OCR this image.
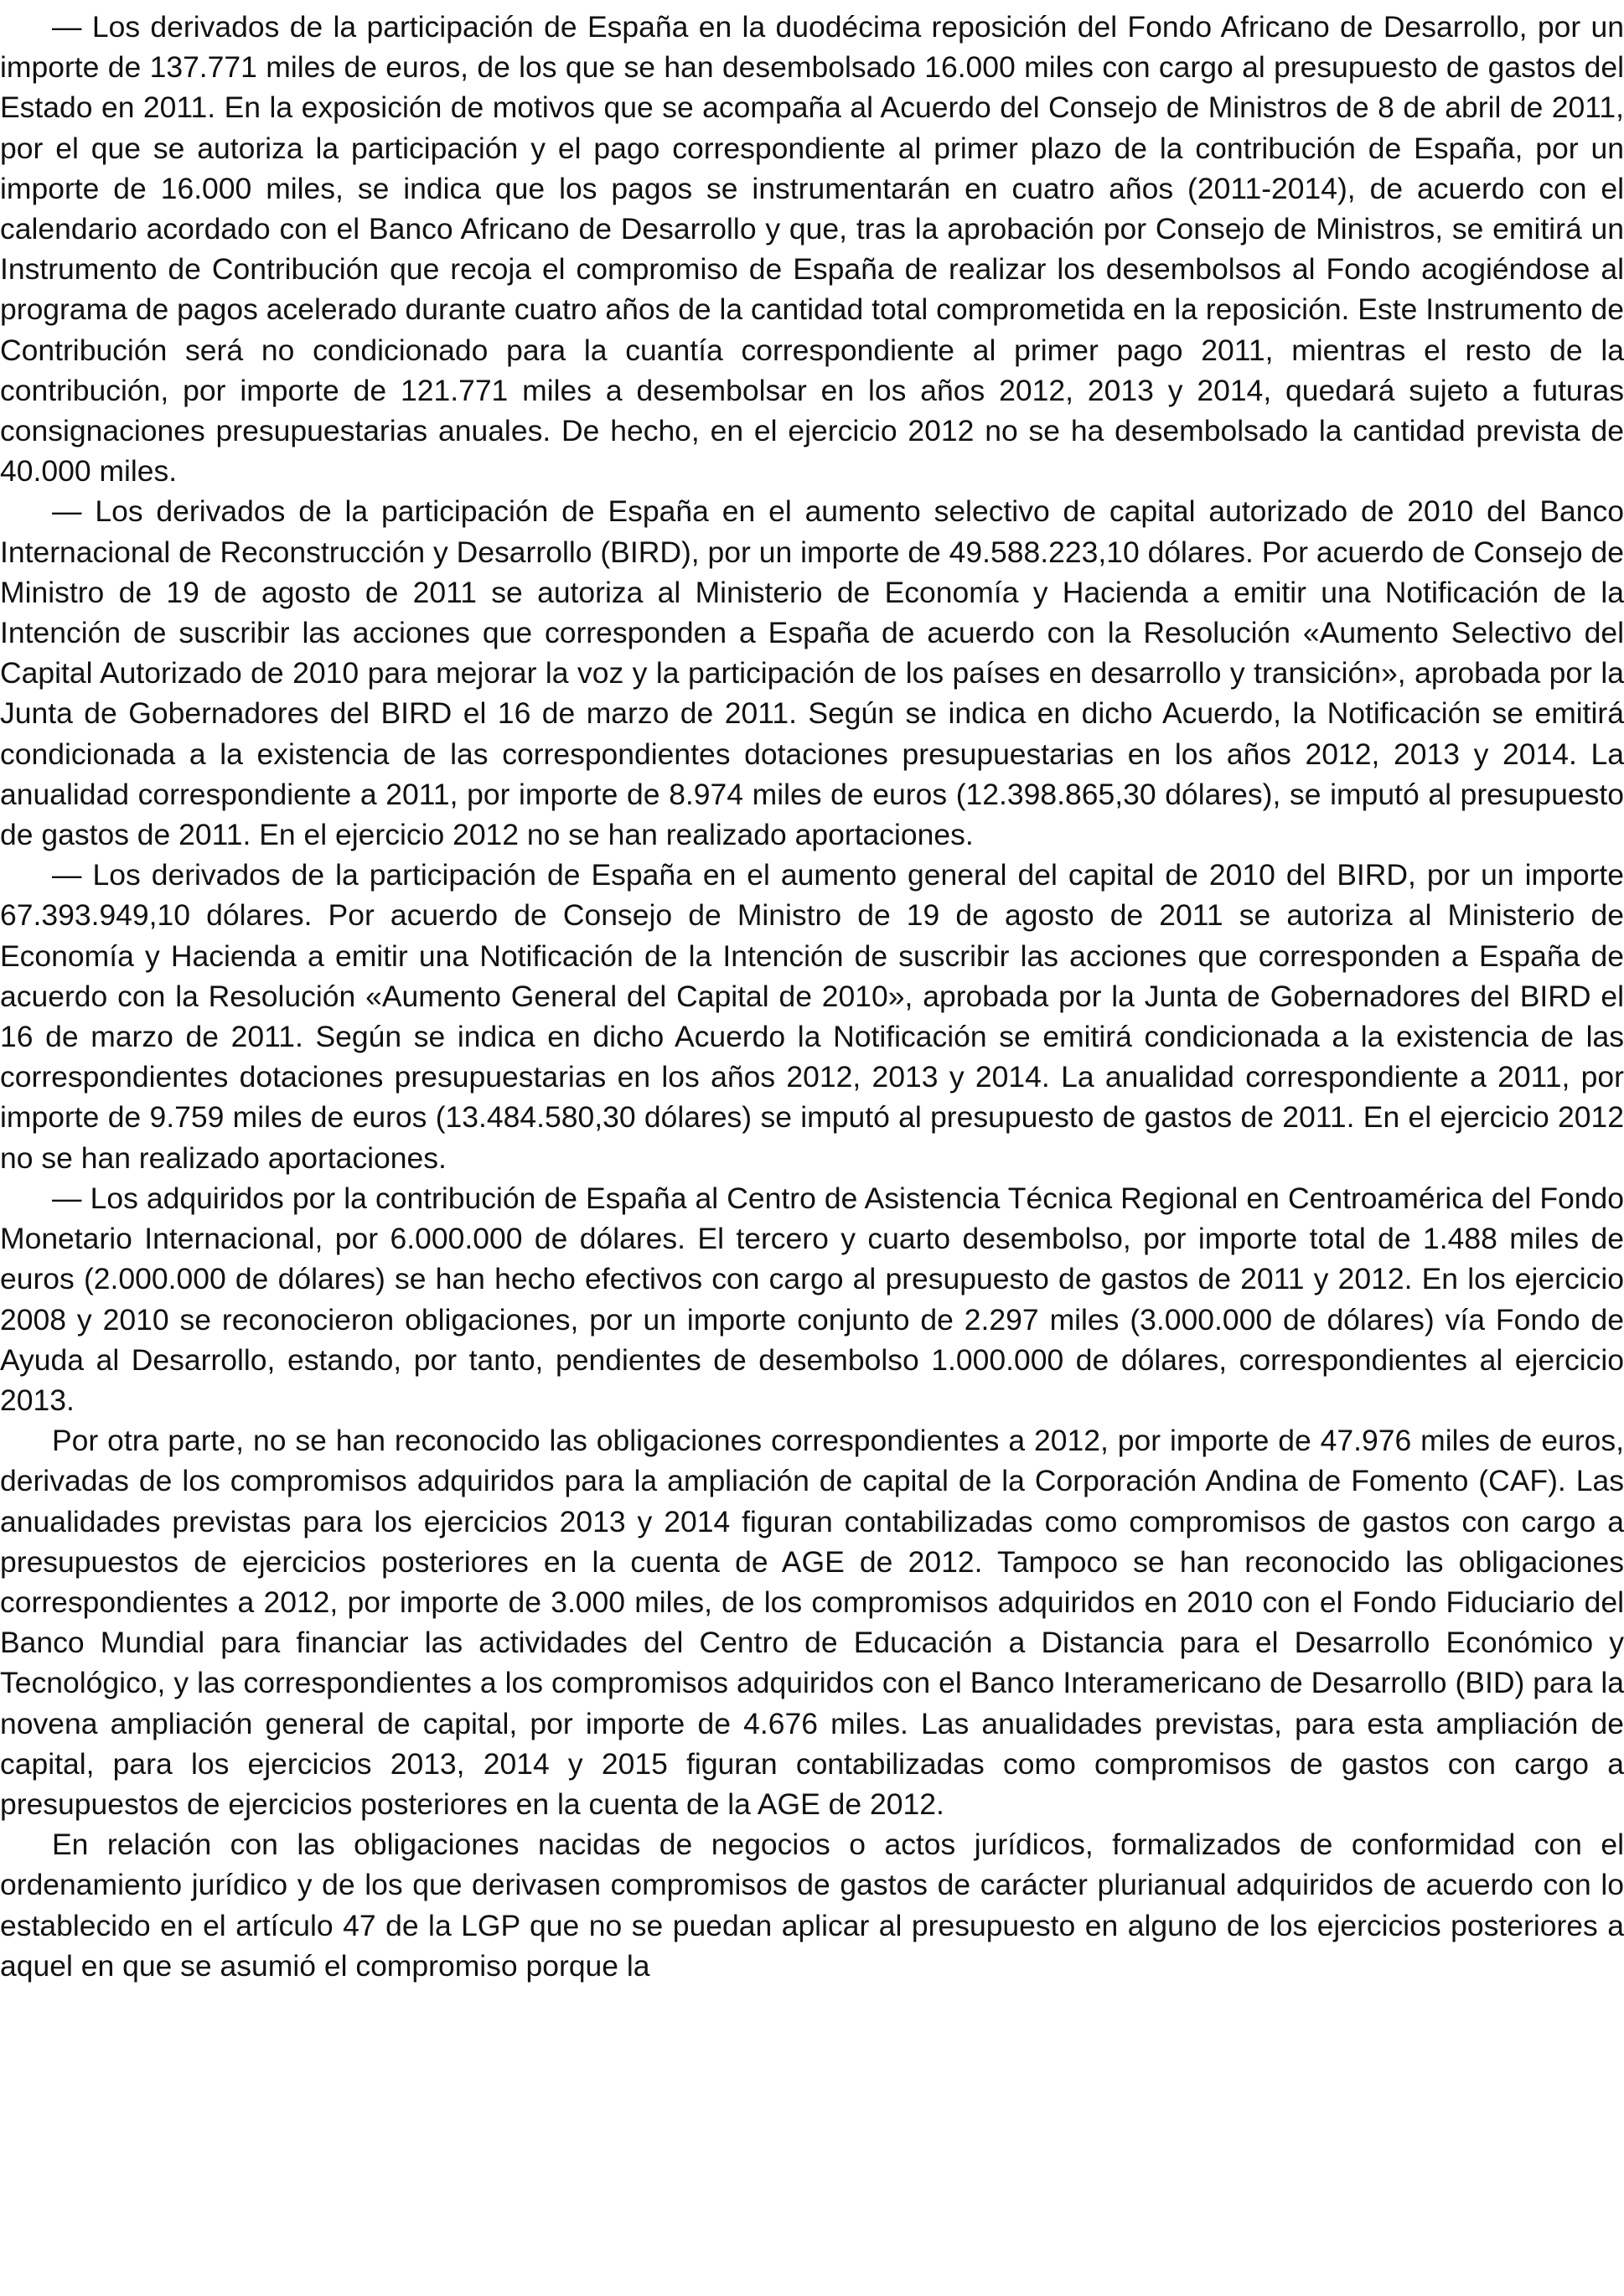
— Los derivados de la participación de España en la duodécima reposición del Fondo Africano de Desarrollo, por un importe de 137.771 miles de euros, de los que se han desembolsado 16.000 miles con cargo al presupuesto de gastos del Estado en 2011. En la exposición de motivos que se acompaña al Acuerdo del Consejo de Ministros de 8 de abril de 2011, por el que se autoriza la participación y el pago correspondiente al primer plazo de la contribución de España, por un importe de 16.000 miles, se indica que los pagos se instrumentarán en cuatro años (2011-2014), de acuerdo con el calendario acordado con el Banco Africano de Desarrollo y que, tras la aprobación por Consejo de Ministros, se emitirá un Instrumento de Contribución que recoja el compromiso de España de realizar los desembolsos al Fondo acogiéndose al programa de pagos acelerado durante cuatro años de la cantidad total comprometida en la reposición. Este Instrumento de Contribución será no condicionado para la cuantía correspondiente al primer pago 2011, mientras el resto de la contribución, por importe de 121.771 miles a desembolsar en los años 2012, 2013 y 2014, quedará sujeto a futuras consignaciones presupuestarias anuales. De hecho, en el ejercicio 2012 no se ha desembolsado la cantidad prevista de 40.000 miles.

— Los derivados de la participación de España en el aumento selectivo de capital autorizado de 2010 del Banco Internacional de Reconstrucción y Desarrollo (BIRD), por un importe de 49.588.223,10 dólares. Por acuerdo de Consejo de Ministro de 19 de agosto de 2011 se autoriza al Ministerio de Economía y Hacienda a emitir una Notificación de la Intención de suscribir las acciones que corresponden a España de acuerdo con la Resolución «Aumento Selectivo del Capital Autorizado de 2010 para mejorar la voz y la participación de los países en desarrollo y transición», aprobada por la Junta de Gobernadores del BIRD el 16 de marzo de 2011. Según se indica en dicho Acuerdo, la Notificación se emitirá condicionada a la existencia de las correspondientes dotaciones presupuestarias en los años 2012, 2013 y 2014. La anualidad correspondiente a 2011, por importe de 8.974 miles de euros (12.398.865,30 dólares), se imputó al presupuesto de gastos de 2011. En el ejercicio 2012 no se han realizado aportaciones.

— Los derivados de la participación de España en el aumento general del capital de 2010 del BIRD, por un importe 67.393.949,10 dólares. Por acuerdo de Consejo de Ministro de 19 de agosto de 2011 se autoriza al Ministerio de Economía y Hacienda a emitir una Notificación de la Intención de suscribir las acciones que corresponden a España de acuerdo con la Resolución «Aumento General del Capital de 2010», aprobada por la Junta de Gobernadores del BIRD el 16 de marzo de 2011. Según se indica en dicho Acuerdo la Notificación se emitirá condicionada a la existencia de las correspondientes dotaciones presupuestarias en los años 2012, 2013 y 2014. La anualidad correspondiente a 2011, por importe de 9.759 miles de euros (13.484.580,30 dólares) se imputó al presupuesto de gastos de 2011. En el ejercicio 2012 no se han realizado aportaciones.

— Los adquiridos por la contribución de España al Centro de Asistencia Técnica Regional en Centroamérica del Fondo Monetario Internacional, por 6.000.000 de dólares. El tercero y cuarto desembolso, por importe total de 1.488 miles de euros (2.000.000 de dólares) se han hecho efectivos con cargo al presupuesto de gastos de 2011 y 2012. En los ejercicio 2008 y 2010 se reconocieron obligaciones, por un importe conjunto de 2.297 miles (3.000.000 de dólares) vía Fondo de Ayuda al Desarrollo, estando, por tanto, pendientes de desembolso 1.000.000 de dólares, correspondientes al ejercicio 2013.

Por otra parte, no se han reconocido las obligaciones correspondientes a 2012, por importe de 47.976 miles de euros, derivadas de los compromisos adquiridos para la ampliación de capital de la Corporación Andina de Fomento (CAF). Las anualidades previstas para los ejercicios 2013 y 2014 figuran contabilizadas como compromisos de gastos con cargo a presupuestos de ejercicios posteriores en la cuenta de AGE de 2012. Tampoco se han reconocido las obligaciones correspondientes a 2012, por importe de 3.000 miles, de los compromisos adquiridos en 2010 con el Fondo Fiduciario del Banco Mundial para financiar las actividades del Centro de Educación a Distancia para el Desarrollo Económico y Tecnológico, y las correspondientes a los compromisos adquiridos con el Banco Interamericano de Desarrollo (BID) para la novena ampliación general de capital, por importe de 4.676 miles. Las anualidades previstas, para esta ampliación de capital, para los ejercicios 2013, 2014 y 2015 figuran contabilizadas como compromisos de gastos con cargo a presupuestos de ejercicios posteriores en la cuenta de la AGE de 2012.

En relación con las obligaciones nacidas de negocios o actos jurídicos, formalizados de conformidad con el ordenamiento jurídico y de los que derivasen compromisos de gastos de carácter plurianual adquiridos de acuerdo con lo establecido en el artículo 47 de la LGP que no se puedan aplicar al presupuesto en alguno de los ejercicios posteriores a aquel en que se asumió el compromiso porque la
